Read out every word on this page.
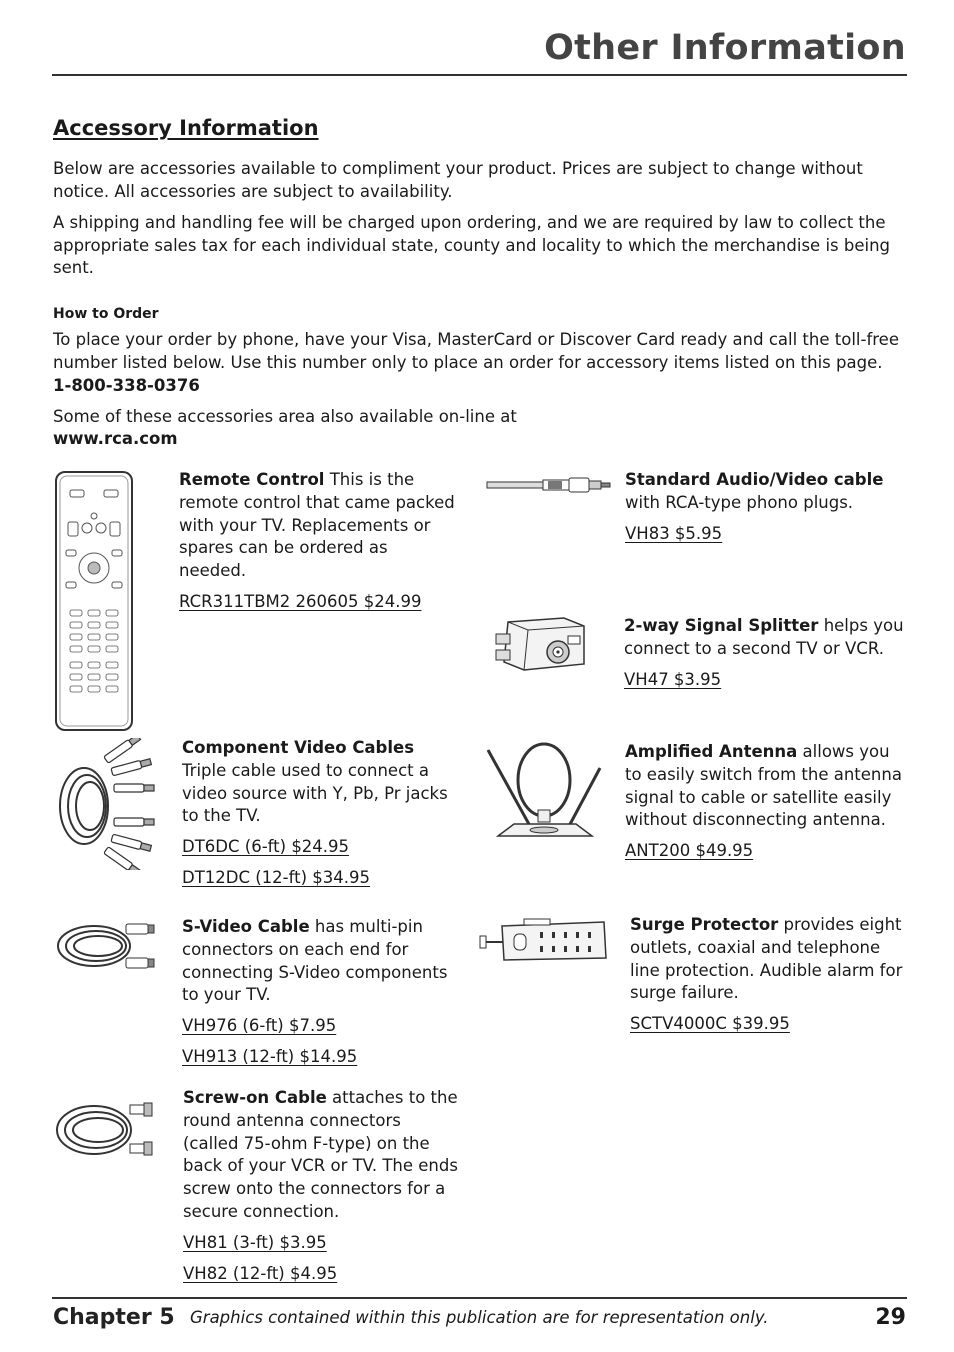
Other Information
Accessory Information

Below are accessories available to compliment your product. Prices are subject to change without notice. All accessories are subject to availability.

A shipping and handling fee will be charged upon ordering, and we are required by law to collect the appropriate sales tax for each individual state, county and locality to which the merchandise is being sent.

How to Order

To place your order by phone, have your Visa, MasterCard or Discover Card ready and call the toll-free number listed below. Use this number only to place an order for accessory items listed on this page.

1-800-338-0376

Some of these accessories area also available on-line at

www.rca.com

Remote Control This is the remote control that came packed with your TV. Replacements or spares can be ordered as needed.

RCR311TBM2 260605 $24.99

Standard Audio/Video cable with RCA-type phono plugs.

VH83 $5.95

2-way Signal Splitter helps you connect to a second TV or VCR.

VH47 $3.95

Component Video Cables Triple cable used to connect a video source with Y, Pb, Pr jacks to the TV.

DT6DC (6-ft) $24.95
DT12DC (12-ft) $34.95

Amplified Antenna allows you to easily switch from the antenna signal to cable or satellite easily without disconnecting antenna.

ANT200 $49.95

S-Video Cable has multi-pin connectors on each end for connecting S-Video components to your TV.

VH976 (6-ft) $7.95
VH913 (12-ft) $14.95

Surge Protector provides eight outlets, coaxial and telephone line protection. Audible alarm for surge failure.

SCTV4000C $39.95

Screw-on Cable attaches to the round antenna connectors (called 75-ohm F-type) on the back of your VCR or TV. The ends screw onto the connectors for a secure connection.

VH81 (3-ft) $3.95
VH82 (12-ft) $4.95

Chapter 5 Graphics contained within this publication are for representation only.	29
